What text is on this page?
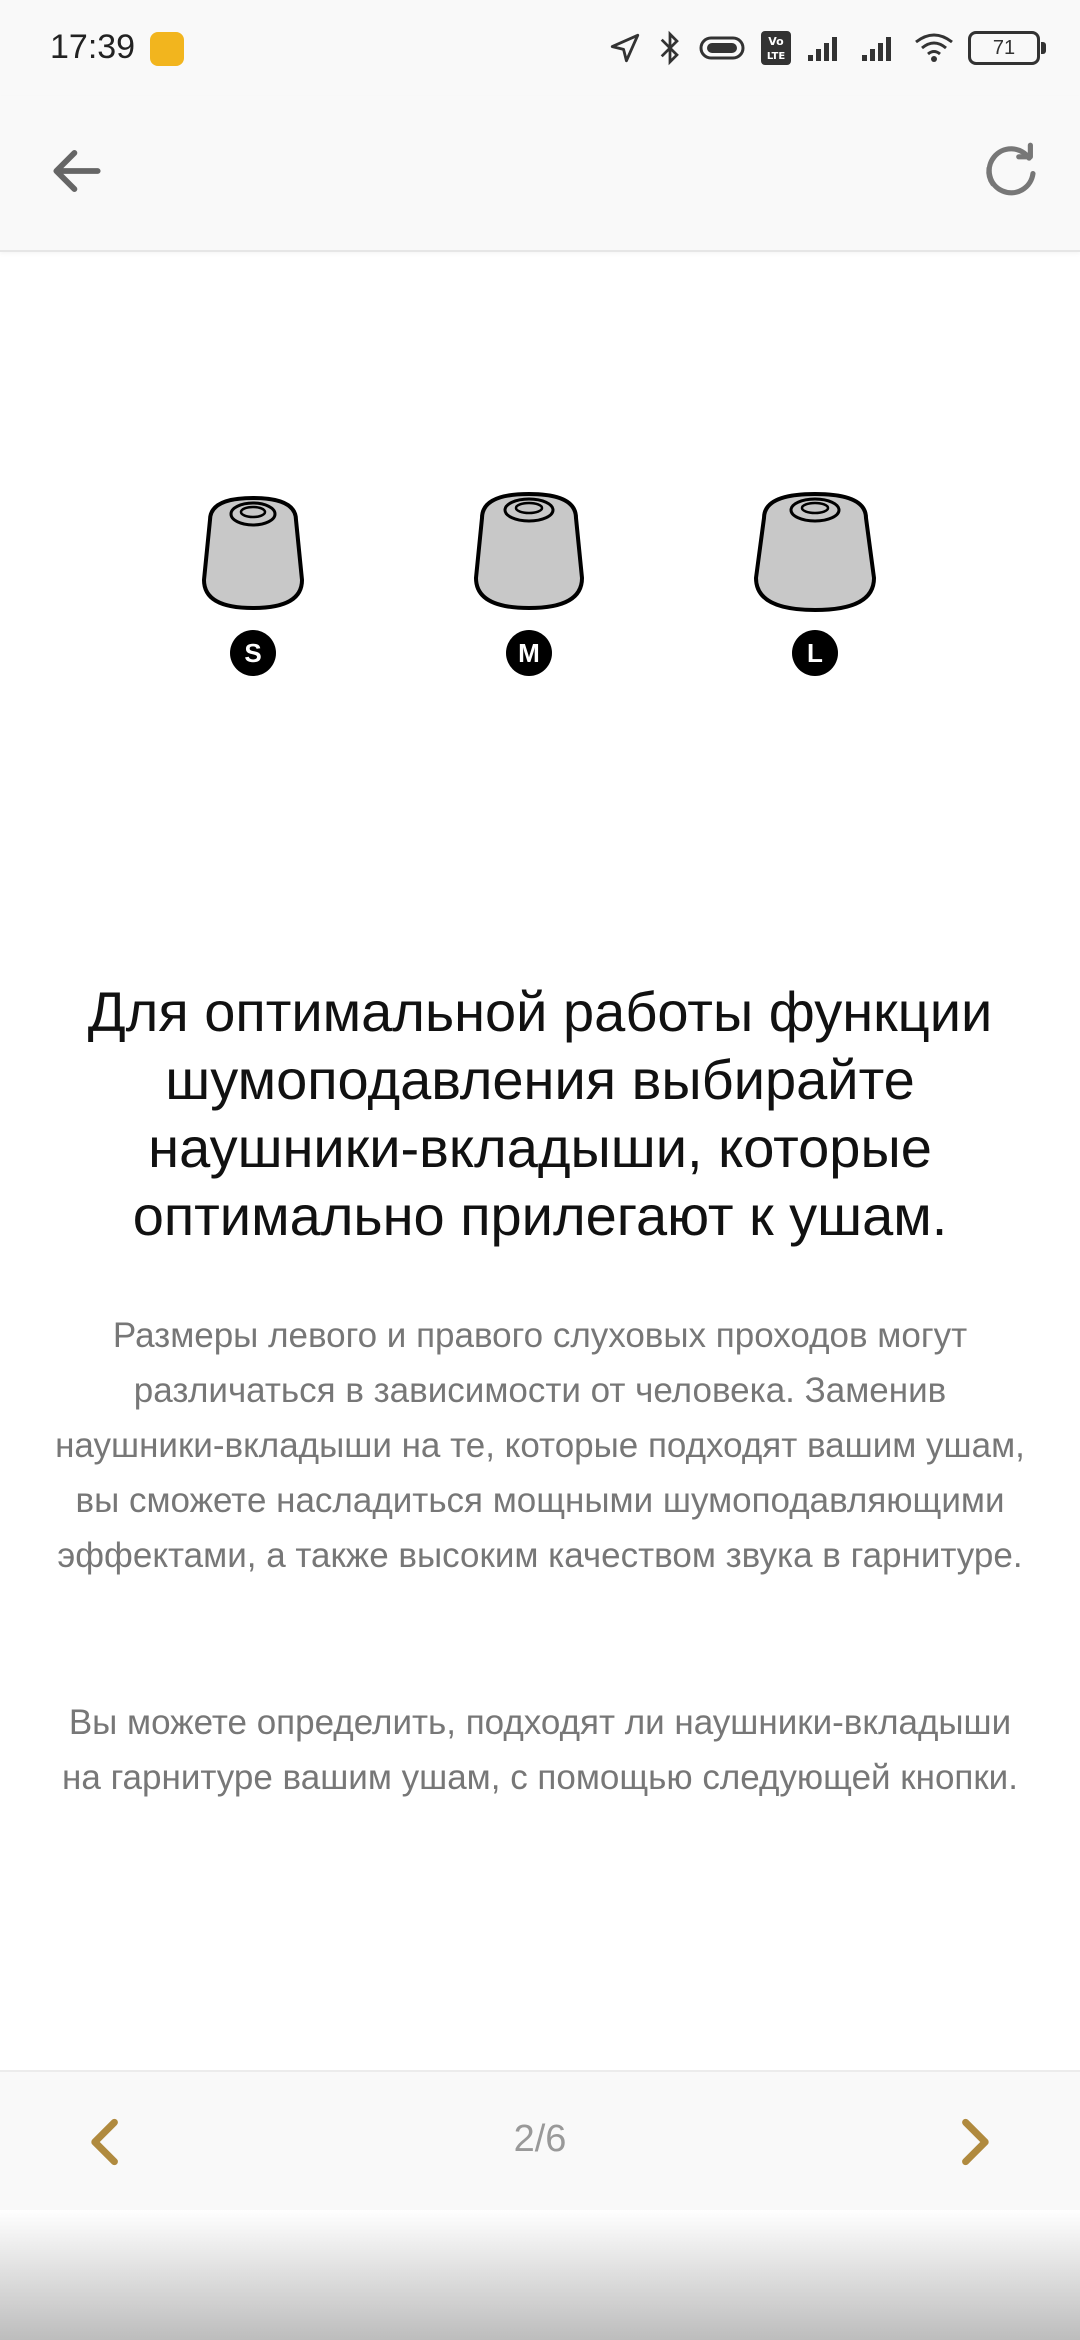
17:39	Vo
LTE	71
S	M	L
Для оптимальной работы функции шумоподавления выбирайте наушники-вкладыши, которые оптимально прилегают к ушам.

Размеры левого и правого слуховых проходов могут различаться в зависимости от человека. Заменив наушники-вкладыши на те, которые подходят вашим ушам, вы сможете насладиться мощными шумоподавляющими эффектами, а также высоким качеством звука в гарнитуре.

Вы можете определить, подходят ли наушники-вкладыши на гарнитуре вашим ушам, с помощью следующей кнопки.

2/6
